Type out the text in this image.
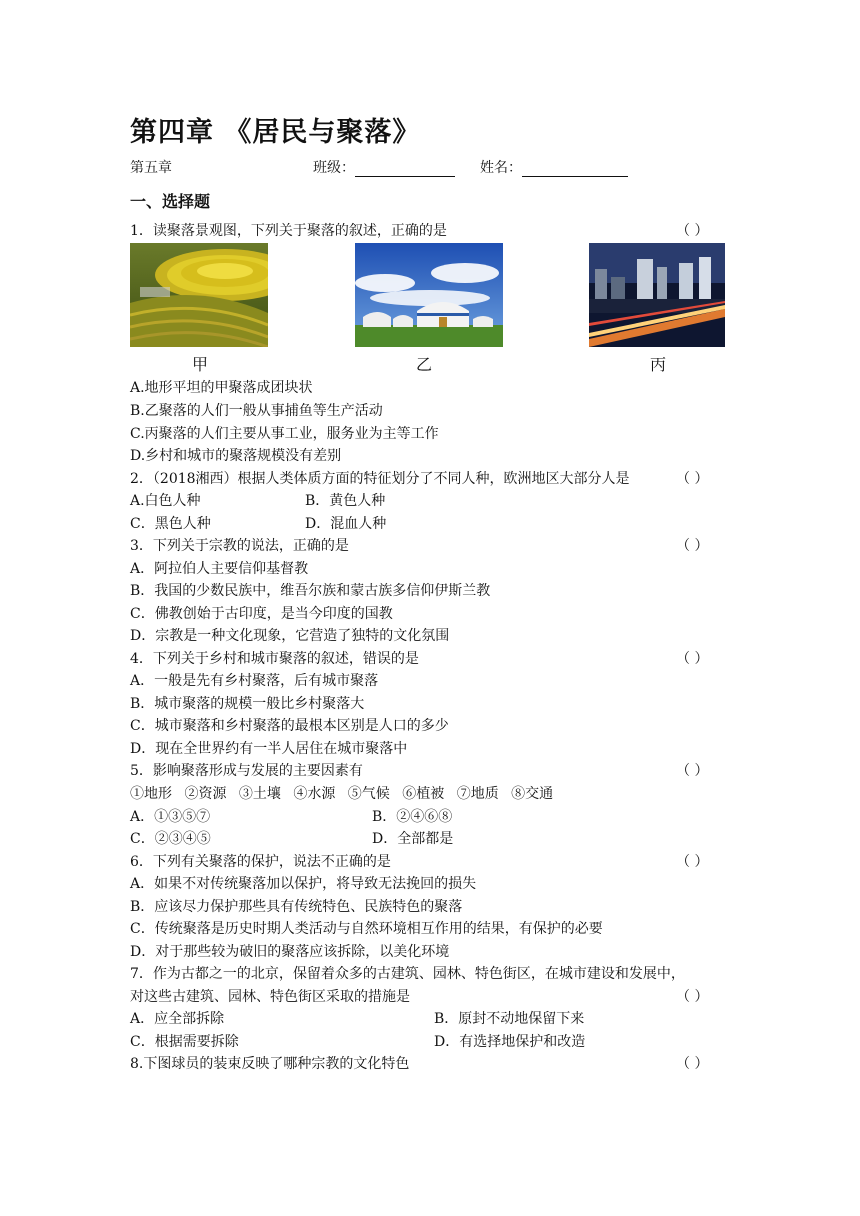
第四章 《居民与聚落》
第五章	班级：	姓名：
一、选择题
1．读聚落景观图，下列关于聚落的叙述，正确的是	（ ）
甲	乙	丙
A.地形平坦的甲聚落成团块状
B.乙聚落的人们一般从事捕鱼等生产活动
C.丙聚落的人们主要从事工业，服务业为主等工作
D.乡村和城市的聚落规模没有差别
2．（2018湘西）根据人类体质方面的特征划分了不同人种，欧洲地区大部分人是	（ ）
A.白色人种	B．黄色人种
C．黑色人种	D．混血人种
3．下列关于宗教的说法，正确的是	（ ）
A．阿拉伯人主要信仰基督教
B．我国的少数民族中，维吾尔族和蒙古族多信仰伊斯兰教
C．佛教创始于古印度，是当今印度的国教
D．宗教是一种文化现象，它营造了独特的文化氛围
4．下列关于乡村和城市聚落的叙述，错误的是	（ ）
A．一般是先有乡村聚落，后有城市聚落
B．城市聚落的规模一般比乡村聚落大
C．城市聚落和乡村聚落的最根本区别是人口的多少
D．现在全世界约有一半人居住在城市聚落中
5．影响聚落形成与发展的主要因素有	（ ）
①地形 ②资源 ③土壤 ④水源 ⑤气候 ⑥植被 ⑦地质 ⑧交通
A．①③⑤⑦	B．②④⑥⑧
C．②③④⑤	D．全部都是
6．下列有关聚落的保护，说法不正确的是	（ ）
A．如果不对传统聚落加以保护，将导致无法挽回的损失
B．应该尽力保护那些具有传统特色、民族特色的聚落
C．传统聚落是历史时期人类活动与自然环境相互作用的结果，有保护的必要
D．对于那些较为破旧的聚落应该拆除，以美化环境
7．作为古都之一的北京，保留着众多的古建筑、园林、特色街区，在城市建设和发展中，
对这些古建筑、园林、特色街区采取的措施是	（ ）
A．应全部拆除	B．原封不动地保留下来
C．根据需要拆除	D．有选择地保护和改造
8.下图球员的装束反映了哪种宗教的文化特色	（ ）
